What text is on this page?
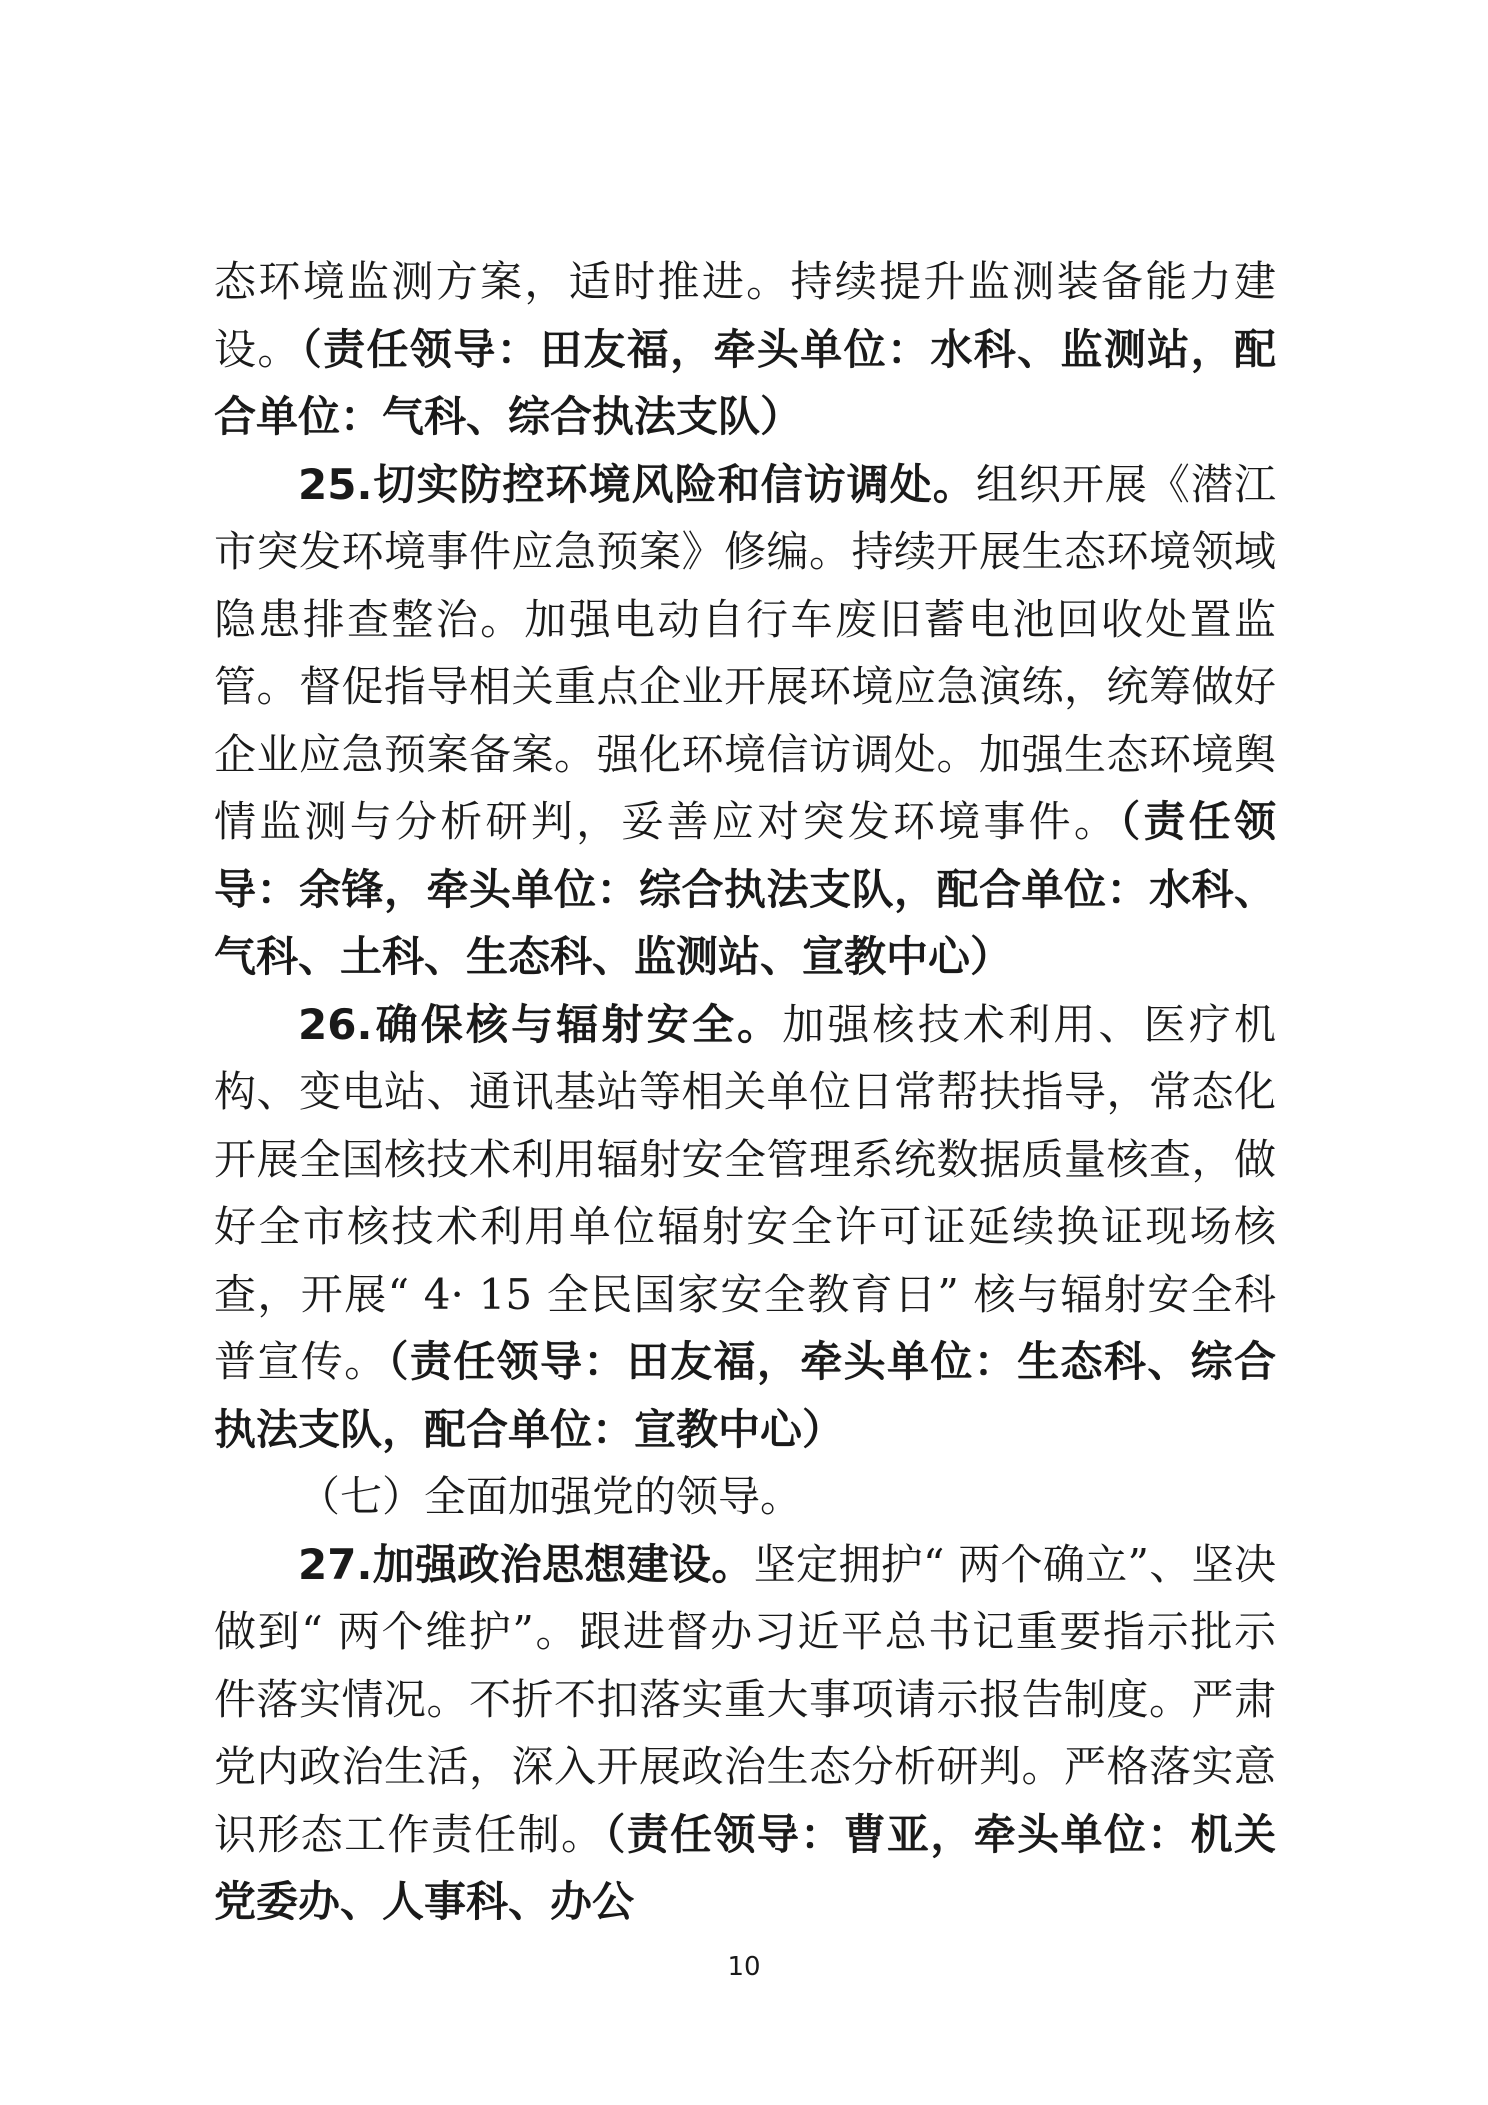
态环境监测方案，适时推进。持续提升监测装备能力建设。（责任领导：田友福，牵头单位：水科、监测站，配合单位：气科、综合执法支队）

25.切实防控环境风险和信访调处。组织开展《潜江市突发环境事件应急预案》修编。持续开展生态环境领域隐患排查整治。加强电动自行车废旧蓄电池回收处置监管。督促指导相关重点企业开展环境应急演练，统筹做好企业应急预案备案。强化环境信访调处。加强生态环境舆情监测与分析研判，妥善应对突发环境事件。（责任领导：余锋，牵头单位：综合执法支队，配合单位：水科、气科、土科、生态科、监测站、宣教中心）

26.确保核与辐射安全。加强核技术利用、医疗机构、变电站、通讯基站等相关单位日常帮扶指导，常态化开展全国核技术利用辐射安全管理系统数据质量核查，做好全市核技术利用单位辐射安全许可证延续换证现场核查，开展“ 4· 15 全民国家安全教育日” 核与辐射安全科普宣传。（责任领导：田友福，牵头单位：生态科、综合执法支队，配合单位：宣教中心）

（七）全面加强党的领导。

27.加强政治思想建设。坚定拥护“ 两个确立”、坚决做到“ 两个维护”。跟进督办习近平总书记重要指示批示件落实情况。不折不扣落实重大事项请示报告制度。严肃党内政治生活，深入开展政治生态分析研判。严格落实意识形态工作责任制。（责任领导：曹亚，牵头单位：机关党委办、人事科、办公

10
